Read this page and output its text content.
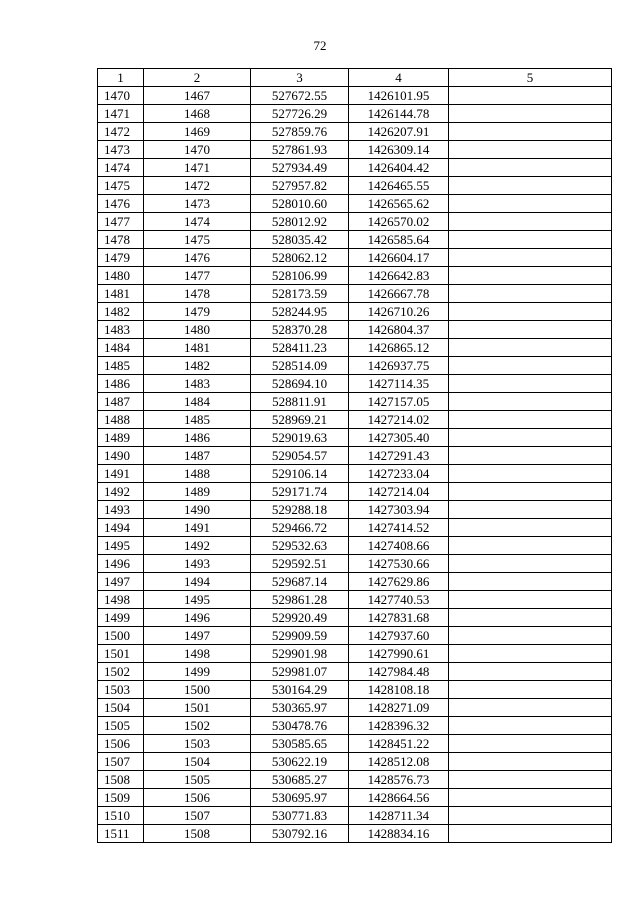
72
1	2	3	4	5
1470	1467	527672.55	1426101.95	
1471	1468	527726.29	1426144.78	
1472	1469	527859.76	1426207.91	
1473	1470	527861.93	1426309.14	
1474	1471	527934.49	1426404.42	
1475	1472	527957.82	1426465.55	
1476	1473	528010.60	1426565.62	
1477	1474	528012.92	1426570.02	
1478	1475	528035.42	1426585.64	
1479	1476	528062.12	1426604.17	
1480	1477	528106.99	1426642.83	
1481	1478	528173.59	1426667.78	
1482	1479	528244.95	1426710.26	
1483	1480	528370.28	1426804.37	
1484	1481	528411.23	1426865.12	
1485	1482	528514.09	1426937.75	
1486	1483	528694.10	1427114.35	
1487	1484	528811.91	1427157.05	
1488	1485	528969.21	1427214.02	
1489	1486	529019.63	1427305.40	
1490	1487	529054.57	1427291.43	
1491	1488	529106.14	1427233.04	
1492	1489	529171.74	1427214.04	
1493	1490	529288.18	1427303.94	
1494	1491	529466.72	1427414.52	
1495	1492	529532.63	1427408.66	
1496	1493	529592.51	1427530.66	
1497	1494	529687.14	1427629.86	
1498	1495	529861.28	1427740.53	
1499	1496	529920.49	1427831.68	
1500	1497	529909.59	1427937.60	
1501	1498	529901.98	1427990.61	
1502	1499	529981.07	1427984.48	
1503	1500	530164.29	1428108.18	
1504	1501	530365.97	1428271.09	
1505	1502	530478.76	1428396.32	
1506	1503	530585.65	1428451.22	
1507	1504	530622.19	1428512.08	
1508	1505	530685.27	1428576.73	
1509	1506	530695.97	1428664.56	
1510	1507	530771.83	1428711.34	
1511	1508	530792.16	1428834.16	
